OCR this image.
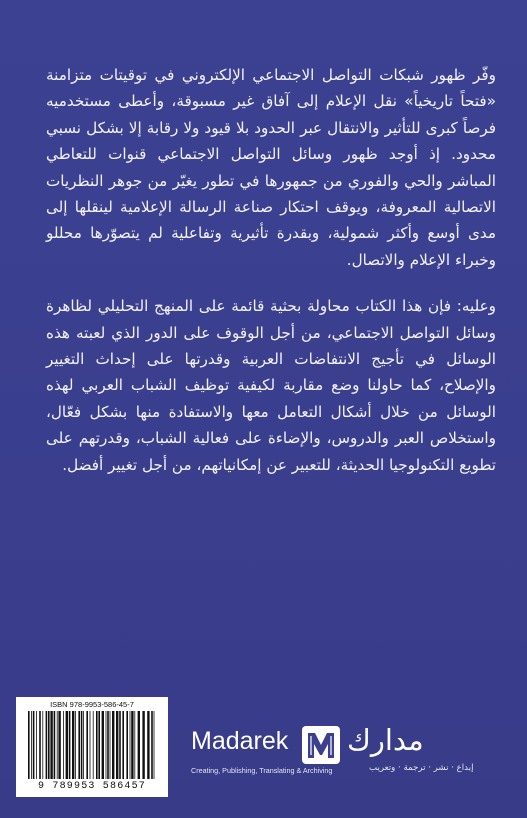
وفّر ظهور شبكات التواصل الاجتماعي الإلكتروني في توقيتات متزامنة «فتحاً تاريخياً» نقل الإعلام إلى آفاق غير مسبوقة، وأعطى مستخدميه فرصاً كبرى للتأثير والانتقال عبر الحدود بلا قيود ولا رقابة إلا بشكل نسبي محدود. إذ أوجد ظهور وسائل التواصل الاجتماعي قنوات للتعاطي المباشر والحي والفوري من جمهورها في تطور يغيّر من جوهر النظريات الاتصالية المعروفة، ويوقف احتكار صناعة الرسالة الإعلامية لينقلها إلى مدى أوسع وأكثر شمولية، وبقدرة تأثيرية وتفاعلية لم يتصوّرها محللو وخبراء الإعلام والاتصال.

وعليه: فإن هذا الكتاب محاولة بحثية قائمة على المنهج التحليلي لظاهرة وسائل التواصل الاجتماعي، من أجل الوقوف على الدور الذي لعبته هذه الوسائل في تأجيج الانتفاضات العربية وقدرتها على إحداث التغيير والإصلاح، كما حاولنا وضع مقاربة لكيفية توظيف الشباب العربي لهذه الوسائل من خلال أشكال التعامل معها والاستفادة منها بشكل فعّال، واستخلاص العبر والدروس، والإضاءة على فعالية الشباب، وقدرتهم على تطويع التكنولوجيا الحديثة، للتعبير عن إمكانياتهم، من أجل تغيير أفضل.

ISBN 978-9953-586-45-7
9 789953 586457
Madarek مدارك
Creating, Publishing, Translating & Archiving	إبداع · نشر · ترجمة · وتعريب
